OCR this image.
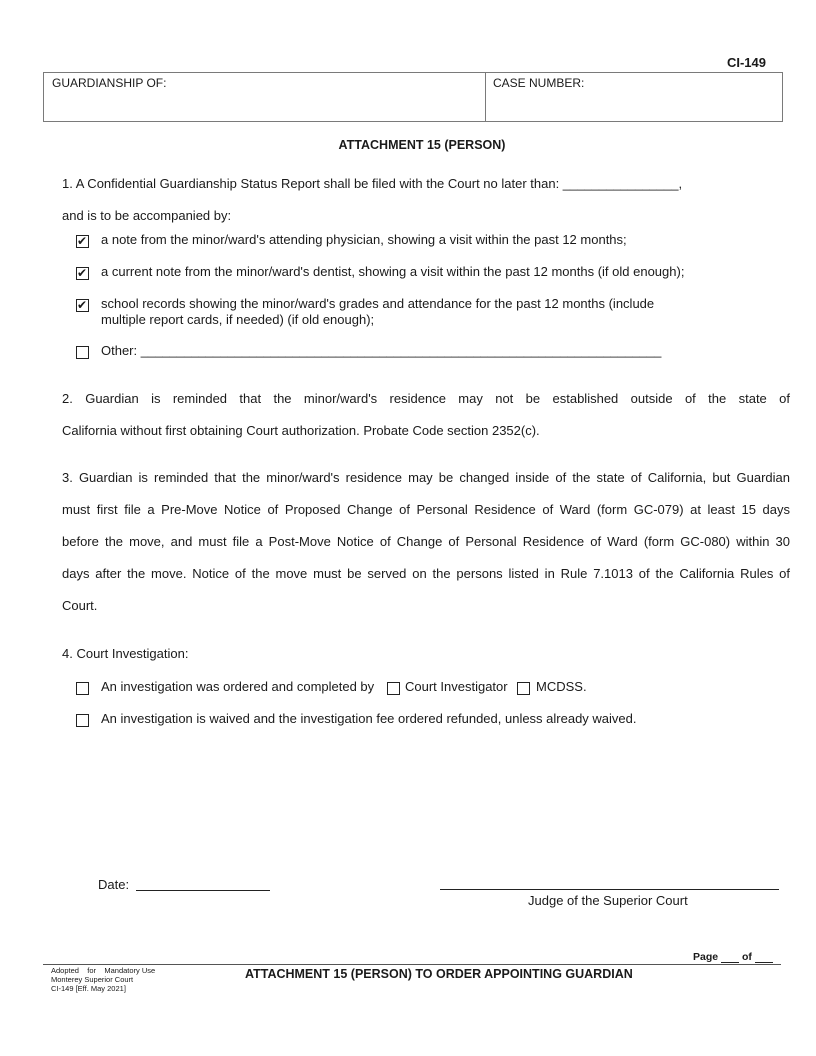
CI-149
GUARDIANSHIP OF:	CASE NUMBER:
ATTACHMENT 15 (PERSON)
1. A Confidential Guardianship Status Report shall be filed with the Court no later than: ________________,
and is to be accompanied by:
✔ a note from the minor/ward's attending physician, showing a visit within the past 12 months;
✔ a current note from the minor/ward's dentist, showing a visit within the past 12 months (if old enough);
✔ school records showing the minor/ward's grades and attendance for the past 12 months (include
multiple report cards, if needed) (if old enough);
Other: ________________________________________________________________________
2. Guardian is reminded that the minor/ward's residence may not be established outside of the state of
California without first obtaining Court authorization. Probate Code section 2352(c).
3. Guardian is reminded that the minor/ward's residence may be changed inside of the state of California, but Guardian
must first file a Pre-Move Notice of Proposed Change of Personal Residence of Ward (form GC-079) at least 15 days
before the move, and must file a Post-Move Notice of Change of Personal Residence of Ward (form GC-080) within 30
days after the move. Notice of the move must be served on the persons listed in Rule 7.1013 of the California Rules of
Court.
4. Court Investigation:
An investigation was ordered and completed by Court Investigator MCDSS.
An investigation is waived and the investigation fee ordered refunded, unless already waived.
Date:
Judge of the Superior Court
Page of
Adopted    for    Mandatory Use
Monterey Superior Court
CI-149 [Eff. May 2021]
ATTACHMENT 15 (PERSON) TO ORDER APPOINTING GUARDIAN
